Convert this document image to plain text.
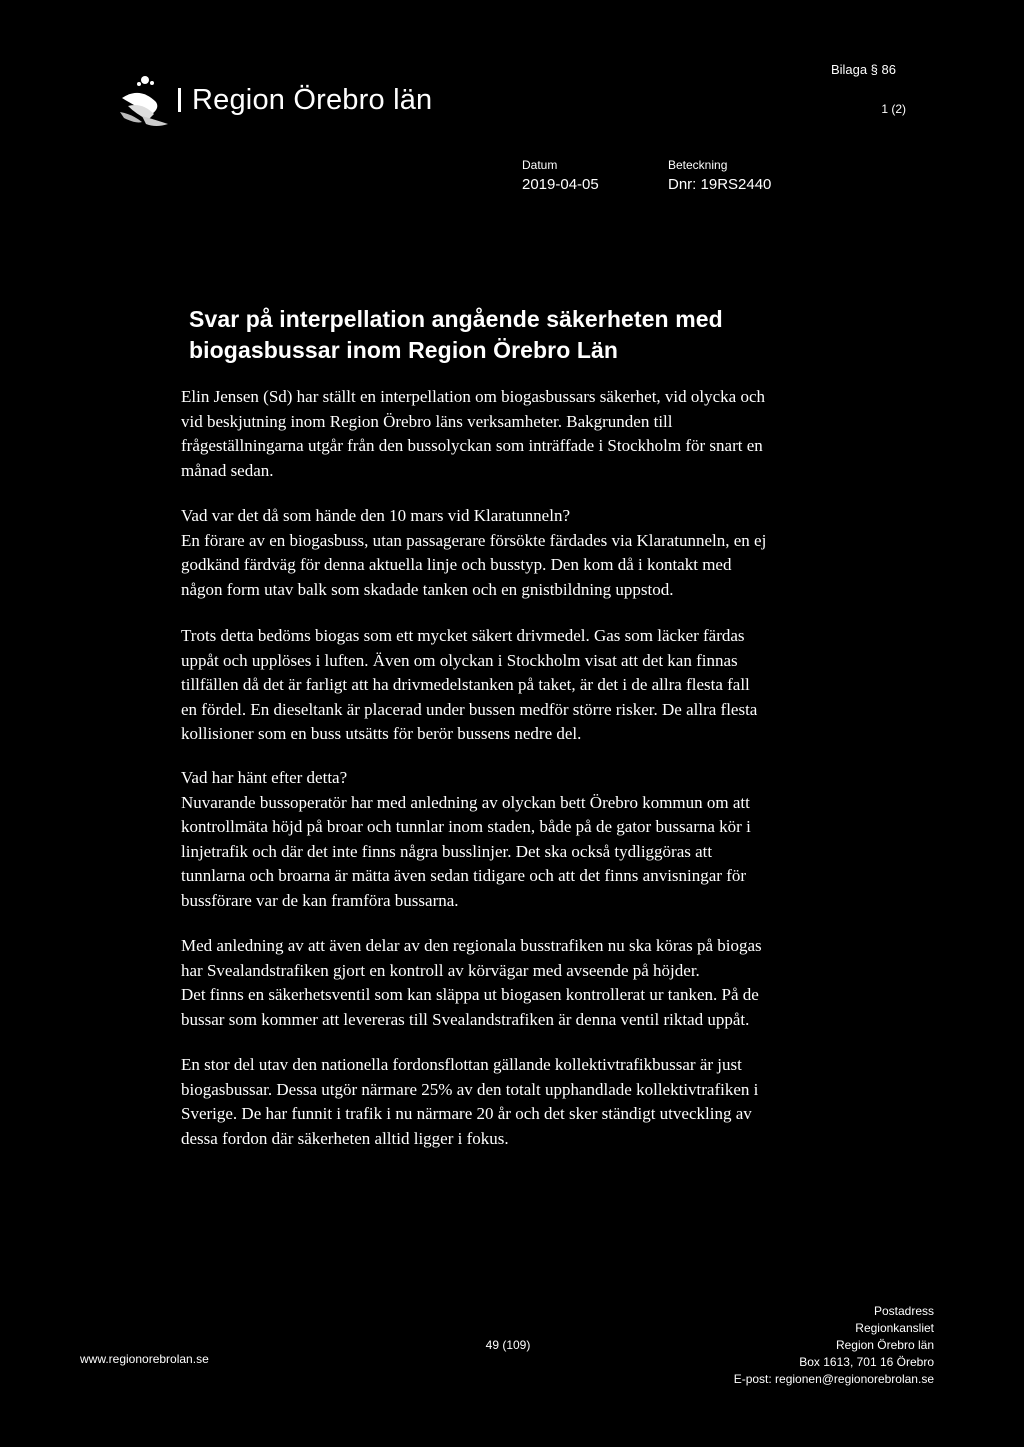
Region Örebro län
Bilaga § 86
1 (2)
Datum
2019-04-05
Beteckning
Dnr: 19RS2440
Svar på interpellation angående säkerheten med
biogasbussar inom Region Örebro Län

Elin Jensen (Sd) har ställt en interpellation om biogasbussars säkerhet, vid olycka och

vid beskjutning inom Region Örebro läns verksamheter. Bakgrunden till

frågeställningarna utgår från den bussolyckan som inträffade i Stockholm för snart en

månad sedan.

Vad var det då som hände den 10 mars vid Klaratunneln?

En förare av en biogasbuss, utan passagerare försökte färdades via Klaratunneln, en ej

godkänd färdväg för denna aktuella linje och busstyp. Den kom då i kontakt med

någon form utav balk som skadade tanken och en gnistbildning uppstod.

Trots detta bedöms biogas som ett mycket säkert drivmedel. Gas som läcker färdas

uppåt och upplöses i luften. Även om olyckan i Stockholm visat att det kan finnas

tillfällen då det är farligt att ha drivmedelstanken på taket, är det i de allra flesta fall

en fördel. En dieseltank är placerad under bussen medför större risker. De allra flesta

kollisioner som en buss utsätts för berör bussens nedre del.

Vad har hänt efter detta?

Nuvarande bussoperatör har med anledning av olyckan bett Örebro kommun om att

kontrollmäta höjd på broar och tunnlar inom staden, både på de gator bussarna kör i

linjetrafik och där det inte finns några busslinjer. Det ska också tydliggöras att

tunnlarna och broarna är mätta även sedan tidigare och att det finns anvisningar för

bussförare var de kan framföra bussarna.

Med anledning av att även delar av den regionala busstrafiken nu ska köras på biogas

har Svealandstrafiken gjort en kontroll av körvägar med avseende på höjder.

Det finns en säkerhetsventil som kan släppa ut biogasen kontrollerat ur tanken. På de

bussar som kommer att levereras till Svealandstrafiken är denna ventil riktad uppåt.

En stor del utav den nationella fordonsflottan gällande kollektivtrafikbussar är just

biogasbussar. Dessa utgör närmare 25% av den totalt upphandlade kollektivtrafiken i

Sverige. De har funnit i trafik i nu närmare 20 år och det sker ständigt utveckling av

dessa fordon där säkerheten alltid ligger i fokus.

www.regionorebrolan.se
49 (109)
Postadress
Regionkansliet
Region Örebro län
Box 1613, 701 16 Örebro
E-post: regionen@regionorebrolan.se
